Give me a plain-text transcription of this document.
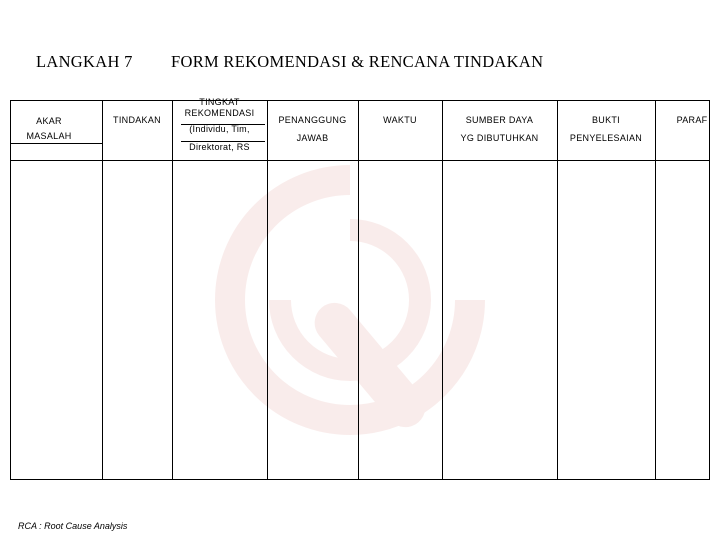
LANGKAH 7 FORM REKOMENDASI & RENCANA TINDAKAN
AKAR
MASALAH
TINDAKAN
TINGKAT
REKOMENDASI
(Individu, Tim,
Direktorat, RS
PENANGGUNG
JAWAB
WAKTU	SUMBER DAYA
YG DIBUTUHKAN
BUKTI
PENYELESAIAN
PARAF
RCA : Root Cause Analysis
